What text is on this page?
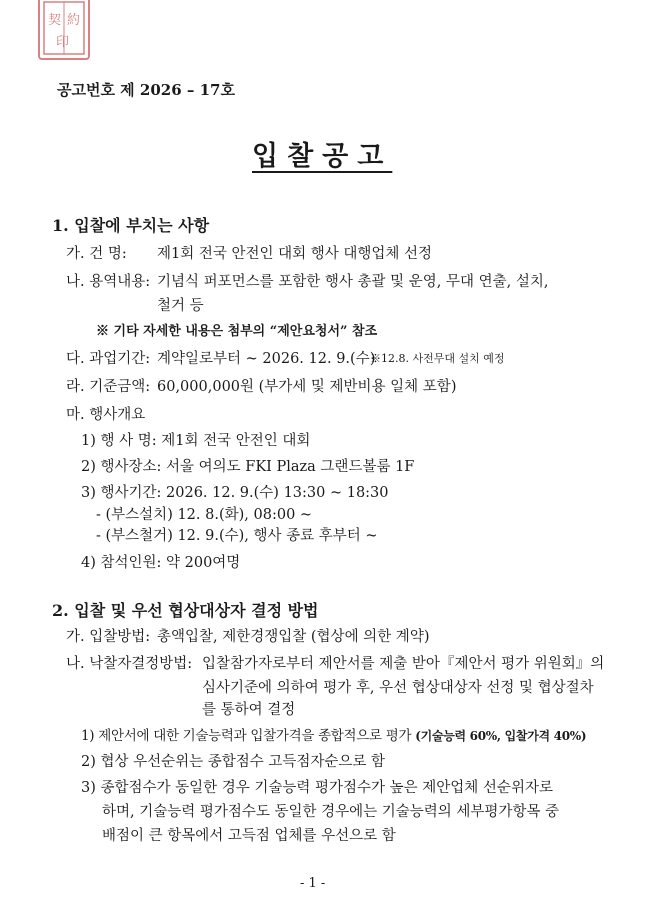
契 約
印
공고번호 제 2026 – 17호
입찰공고
1. 입찰에 부치는 사항
가. 건 명: 제1회 전국 안전인 대회 행사 대행업체 선정
나. 용역내용: 기념식 퍼포먼스를 포함한 행사 총괄 및 운영, 무대 연출, 설치,
철거 등
※ 기타 자세한 내용은 첨부의 “제안요청서” 참조
다. 과업기간: 계약일로부터 ~ 2026. 12. 9.(수)
※12.8. 사전무대 설치 예정
라. 기준금액: 60,000,000원 (부가세 및 제반비용 일체 포함)
마. 행사개요
1) 행 사 명: 제1회 전국 안전인 대회
2) 행사장소: 서울 여의도 FKI Plaza 그랜드볼룸 1F
3) 행사기간: 2026. 12. 9.(수) 13:30 ~ 18:30
- (부스설치) 12. 8.(화), 08:00 ~
- (부스철거) 12. 9.(수), 행사 종료 후부터 ~
4) 참석인원: 약 200여명
2. 입찰 및 우선 협상대상자 결정 방법
가. 입찰방법: 총액입찰, 제한경쟁입찰 (협상에 의한 계약)
나. 낙찰자결정방법: 입찰참가자로부터 제안서를 제출 받아『제안서 평가 위원회』의
심사기준에 의하여 평가 후, 우선 협상대상자 선정 및 협상절차
를 통하여 결정
1) 제안서에 대한 기술능력과 입찰가격을 종합적으로 평가 (기술능력 60%, 입찰가격 40%)
2) 협상 우선순위는 종합점수 고득점자순으로 함
3) 종합점수가 동일한 경우 기술능력 평가점수가 높은 제안업체 선순위자로
하며, 기술능력 평가점수도 동일한 경우에는 기술능력의 세부평가항목 중
배점이 큰 항목에서 고득점 업체를 우선으로 함
- 1 -
